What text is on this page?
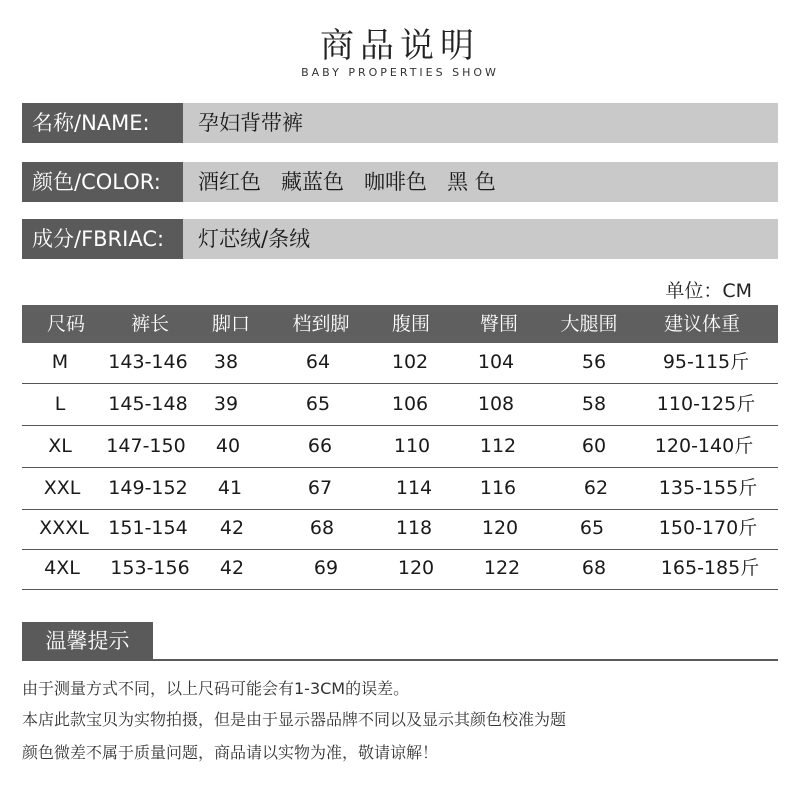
商品说明
BABY PROPERTIES SHOW
名称/NAME:	孕妇背带裤
颜色/COLOR:	酒红色   藏蓝色   咖啡色   黑 色
成分/FBRIAC:	灯芯绒/条绒
单位：CM
尺码 裤长 脚口 档到脚 腹围	臀围 大腿围 建议体重
M 143-146 38	64	102	104	56	95-115斤
L 145-148 39	65	106	108	58	110-125斤
XL 147-150 40	66	110	112	60	120-140斤
XXL 149-152 41	67	114	116	62	135-155斤
XXXL 151-154 42	68	118	120	65	150-170斤
4XL 153-156 42	69	120	122	68	165-185斤
温馨提示
由于测量方式不同，以上尺码可能会有1-3CM的误差。
本店此款宝贝为实物拍摄，但是由于显示器品牌不同以及显示其颜色校准为题
颜色微差不属于质量问题，商品请以实物为准，敬请谅解！
